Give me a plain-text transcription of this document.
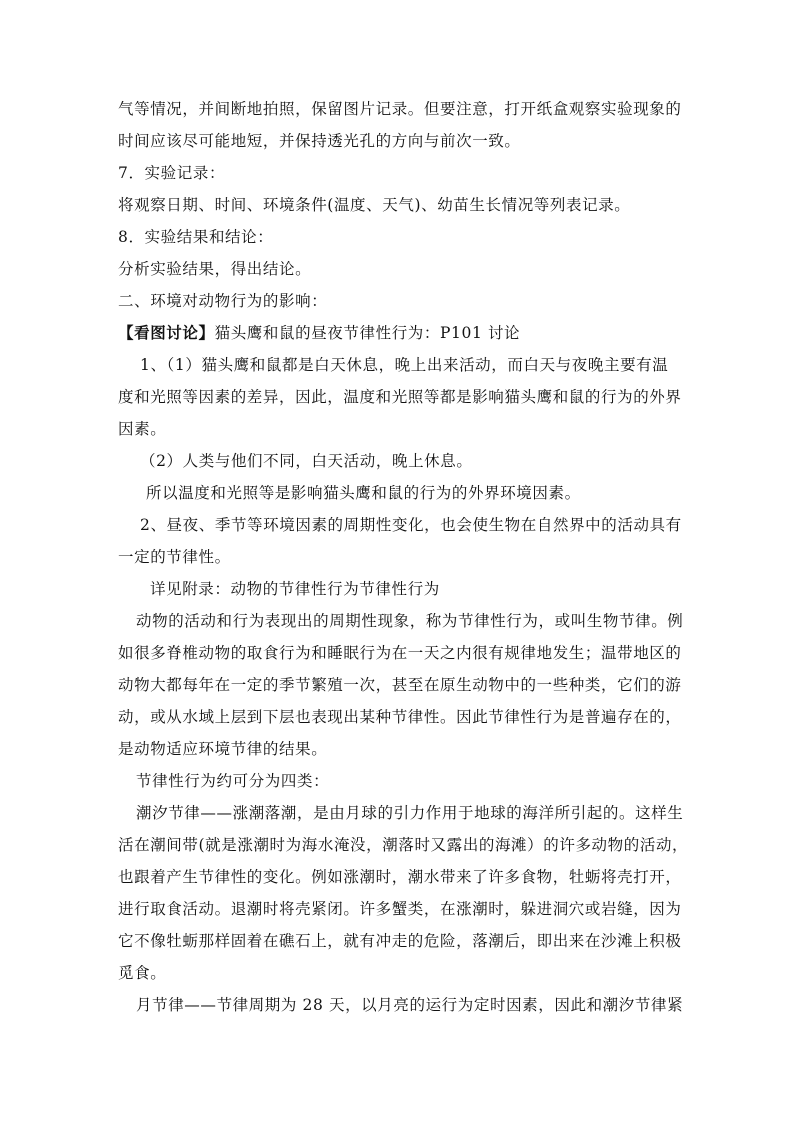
气等情况，并间断地拍照，保留图片记录。但要注意，打开纸盒观察实验现象的
时间应该尽可能地短，并保持透光孔的方向与前次一致。
7．实验记录：
将观察日期、时间、环境条件(温度、天气)、幼苗生长情况等列表记录。
8．实验结果和结论：
分析实验结果，得出结论。
二、环境对动物行为的影响：
【看图讨论】猫头鹰和鼠的昼夜节律性行为：P101 讨论
1、（1）猫头鹰和鼠都是白天休息，晚上出来活动，而白天与夜晚主要有温
度和光照等因素的差异，因此，温度和光照等都是影响猫头鹰和鼠的行为的外界
因素。
（2）人类与他们不同，白天活动，晚上休息。
所以温度和光照等是影响猫头鹰和鼠的行为的外界环境因素。
2、昼夜、季节等环境因素的周期性变化，也会使生物在自然界中的活动具有
一定的节律性。
详见附录：动物的节律性行为节律性行为
动物的活动和行为表现出的周期性现象，称为节律性行为，或叫生物节律。例
如很多脊椎动物的取食行为和睡眠行为在一天之内很有规律地发生；温带地区的
动物大都每年在一定的季节繁殖一次，甚至在原生动物中的一些种类，它们的游
动，或从水域上层到下层也表现出某种节律性。因此节律性行为是普遍存在的，
是动物适应环境节律的结果。
节律性行为约可分为四类：
潮汐节律——涨潮落潮，是由月球的引力作用于地球的海洋所引起的。这样生
活在潮间带(就是涨潮时为海水淹没，潮落时又露出的海滩）的许多动物的活动，
也跟着产生节律性的变化。例如涨潮时，潮水带来了许多食物，牡蛎将壳打开，
进行取食活动。退潮时将壳紧闭。许多蟹类，在涨潮时，躲进洞穴或岩缝，因为
它不像牡蛎那样固着在礁石上，就有冲走的危险，落潮后，即出来在沙滩上积极
觅食。
月节律——节律周期为 28 天，以月亮的运行为定时因素，因此和潮汐节律紧
